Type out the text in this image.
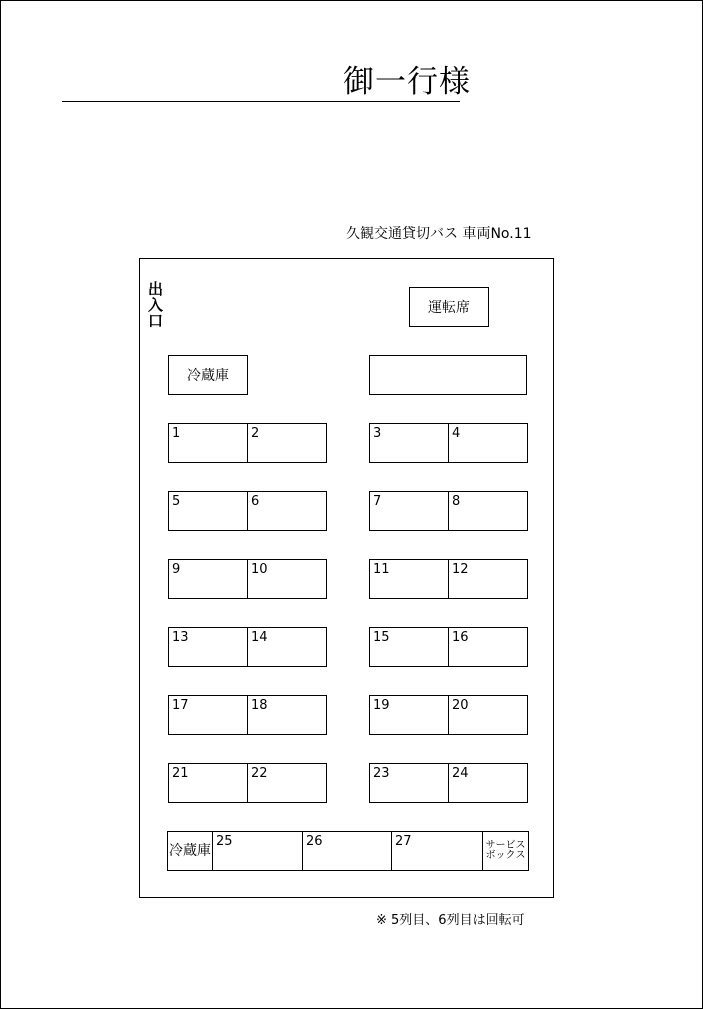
御一行様
久観交通貸切バス 車両No.11
出
入
口
運転席
冷蔵庫
1	2	3	4
5	6	7	8
9	10	11	12
13	14	15	16
17	18	19	20
21	22	23	24
冷蔵庫
25	26	27	サービス
ボックス
※ 5列目、6列目は回転可
